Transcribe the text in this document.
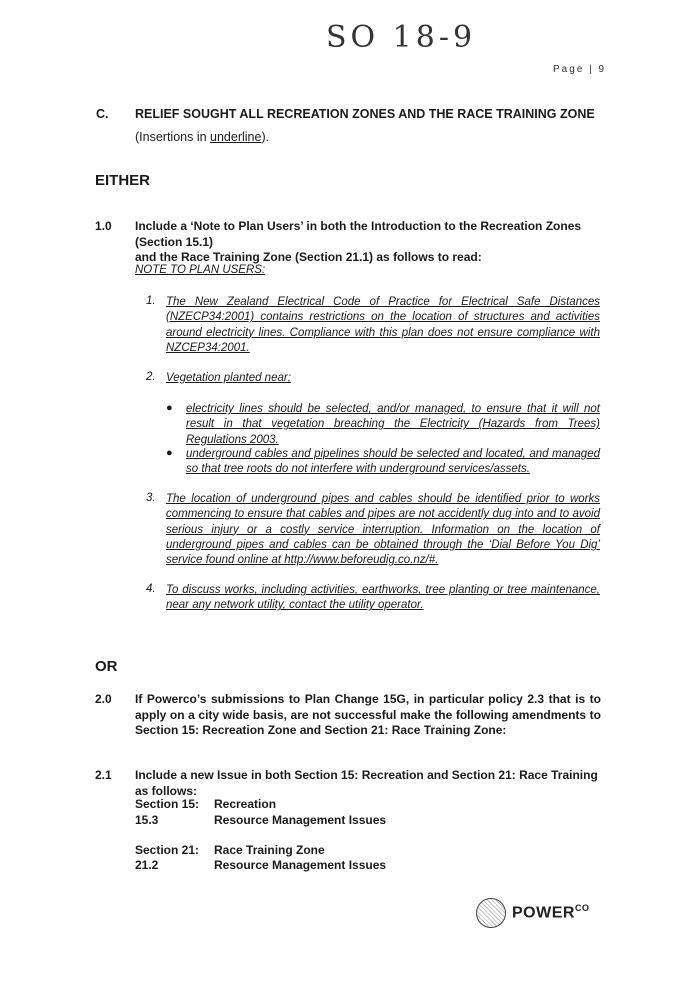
SO 18-9
Page | 9
C. RELIEF SOUGHT ALL RECREATION ZONES AND THE RACE TRAINING ZONE
(Insertions in underline).
EITHER
1.0 Include a ‘Note to Plan Users’ in both the Introduction to the Recreation Zones (Section 15.1)
and the Race Training Zone (Section 21.1) as follows to read:
NOTE TO PLAN USERS:
1. The New Zealand Electrical Code of Practice for Electrical Safe Distances (NZECP34:2001) contains restrictions on the location of structures and activities around electricity lines. Compliance with this plan does not ensure compliance with NZCEP34:2001.
2. Vegetation planted near;
● electricity lines should be selected, and/or managed, to ensure that it will not result in that vegetation breaching the Electricity (Hazards from Trees) Regulations 2003.
● underground cables and pipelines should be selected and located, and managed so that tree roots do not interfere with underground services/assets.
3. The location of underground pipes and cables should be identified prior to works commencing to ensure that cables and pipes are not accidently dug into and to avoid serious injury or a costly service interruption. Information on the location of underground pipes and cables can be obtained through the ‘Dial Before You Dig’ service found online at http://www.beforeudig.co.nz/#.
4. To discuss works, including activities, earthworks, tree planting or tree maintenance, near any network utility, contact the utility operator.
OR
2.0 If Powerco’s submissions to Plan Change 15G, in particular policy 2.3 that is to apply on a city wide basis, are not successful make the following amendments to Section 15: Recreation Zone and Section 21: Race Training Zone:
2.1 Include a new Issue in both Section 15: Recreation and Section 21: Race Training as follows:
Section 15: Recreation
15.3	Resource Management Issues
Section 21: Race Training Zone
21.2	Resource Management Issues
$POWER^{CO}$
